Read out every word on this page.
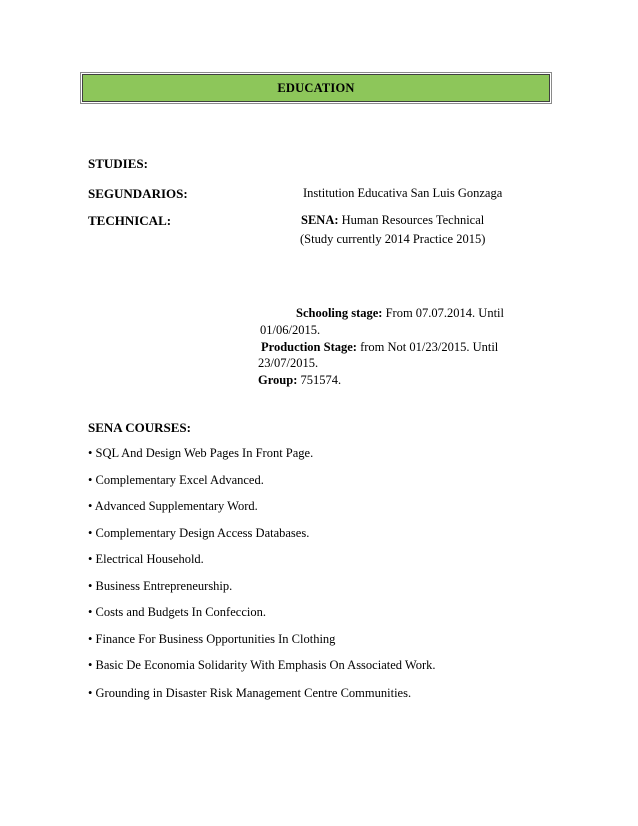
EDUCATION
STUDIES:
SEGUNDARIOS:	Institution Educativa San Luis Gonzaga
TECHNICAL:	SENA: Human Resources Technical
(Study currently 2014 Practice 2015)
Schooling stage: From 07.07.2014. Until
01/06/2015.
Production Stage: from Not 01/23/2015. Until
23/07/2015.
Group: 751574.
SENA COURSES:
• SQL And Design Web Pages In Front Page.
• Complementary Excel Advanced.
• Advanced Supplementary Word.
• Complementary Design Access Databases.
• Electrical Household.
• Business Entrepreneurship.
• Costs and Budgets In Confeccion.
• Finance For Business Opportunities In Clothing
• Basic De Economia Solidarity With Emphasis On Associated Work.
• Grounding in Disaster Risk Management Centre Communities.
